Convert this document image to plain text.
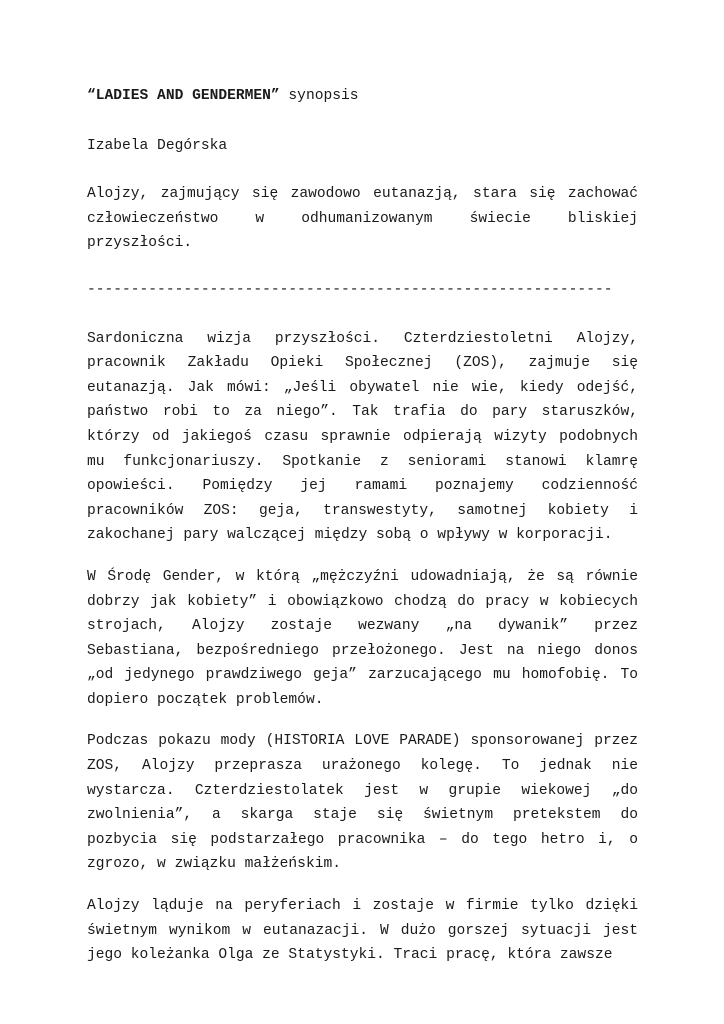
“LADIES AND GENDERMEN” synopsis

Izabela Degórska

Alojzy, zajmujący się zawodowo eutanazją, stara się zachować człowieczeństwo w odhumanizowanym świecie bliskiej przyszłości.

------------------------------------------------------------

Sardoniczna wizja przyszłości. Czterdziestoletni Alojzy, pracownik Zakładu Opieki Społecznej (ZOS), zajmuje się eutanazją. Jak mówi: „Jeśli obywatel nie wie, kiedy odejść, państwo robi to za niego”. Tak trafia do pary staruszków, którzy od jakiegoś czasu sprawnie odpierają wizyty podobnych mu funkcjonariuszy. Spotkanie z seniorami stanowi klamrę opowieści. Pomiędzy jej ramami poznajemy codzienność pracowników ZOS: geja, transwestyty, samotnej kobiety i zakochanej pary walczącej między sobą o wpływy w korporacji.

W Środę Gender, w którą „mężczyźni udowadniają, że są równie dobrzy jak kobiety” i obowiązkowo chodzą do pracy w kobiecych strojach, Alojzy zostaje wezwany „na dywanik” przez Sebastiana, bezpośredniego przełożonego. Jest na niego donos „od jedynego prawdziwego geja” zarzucającego mu homofobię. To dopiero początek problemów.

Podczas pokazu mody (HISTORIA LOVE PARADE) sponsorowanej przez ZOS, Alojzy przeprasza urażonego kolegę. To jednak nie wystarcza. Czterdziestolatek jest w grupie wiekowej „do zwolnienia”, a skarga staje się świetnym pretekstem do pozbycia się podstarzałego pracownika – do tego hetro i, o zgrozo, w związku małżeńskim.

Alojzy ląduje na peryferiach i zostaje w firmie tylko dzięki świetnym wynikom w eutanazacji. W dużo gorszej sytuacji jest jego koleżanka Olga ze Statystyki. Traci pracę, która zawsze
